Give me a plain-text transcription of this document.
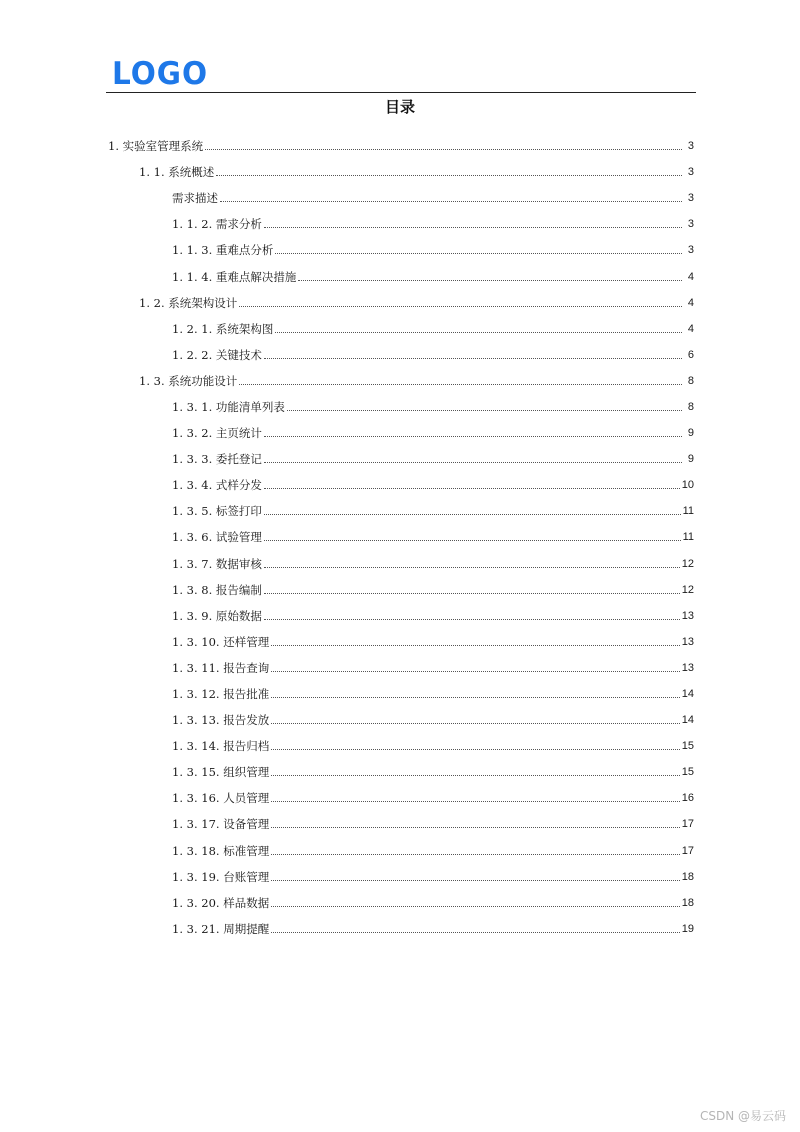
LOGO
目录
1. 实验室管理系统	3
1. 1. 系统概述	3
需求描述	3
1. 1. 2. 需求分析	3
1. 1. 3. 重难点分析	3
1. 1. 4. 重难点解决措施	4
1. 2. 系统架构设计	4
1. 2. 1. 系统架构图	4
1. 2. 2. 关键技术	6
1. 3. 系统功能设计	8
1. 3. 1. 功能清单列表	8
1. 3. 2. 主页统计	9
1. 3. 3. 委托登记	9
1. 3. 4. 式样分发	10
1. 3. 5. 标签打印	11
1. 3. 6. 试验管理	11
1. 3. 7. 数据审核	12
1. 3. 8. 报告编制	12
1. 3. 9. 原始数据	13
1. 3. 10. 还样管理	13
1. 3. 11. 报告查询	13
1. 3. 12. 报告批准	14
1. 3. 13. 报告发放	14
1. 3. 14. 报告归档	15
1. 3. 15. 组织管理	15
1. 3. 16. 人员管理	16
1. 3. 17. 设备管理	17
1. 3. 18. 标准管理	17
1. 3. 19. 台账管理	18
1. 3. 20. 样品数据	18
1. 3. 21. 周期提醒	19
CSDN @易云码
